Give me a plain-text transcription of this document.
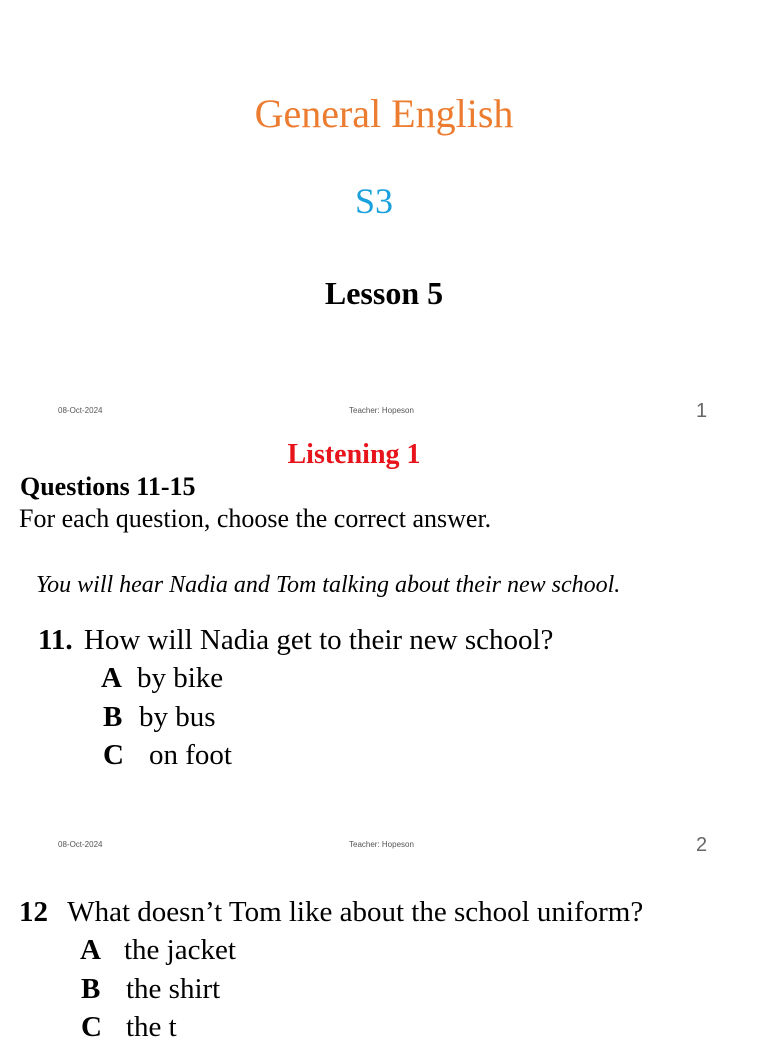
General English
S3
Lesson 5
08-Oct-2024	Teacher: Hopeson	1
Listening 1
Questions 11-15
For each question, choose the correct answer.
You will hear Nadia and Tom talking about their new school.
11. How will Nadia get to their new school?
A by bike
B by bus
C on foot
08-Oct-2024	Teacher: Hopeson	2
12 What doesn’t Tom like about the school uniform?
A the jacket
B the shirt
C the t
